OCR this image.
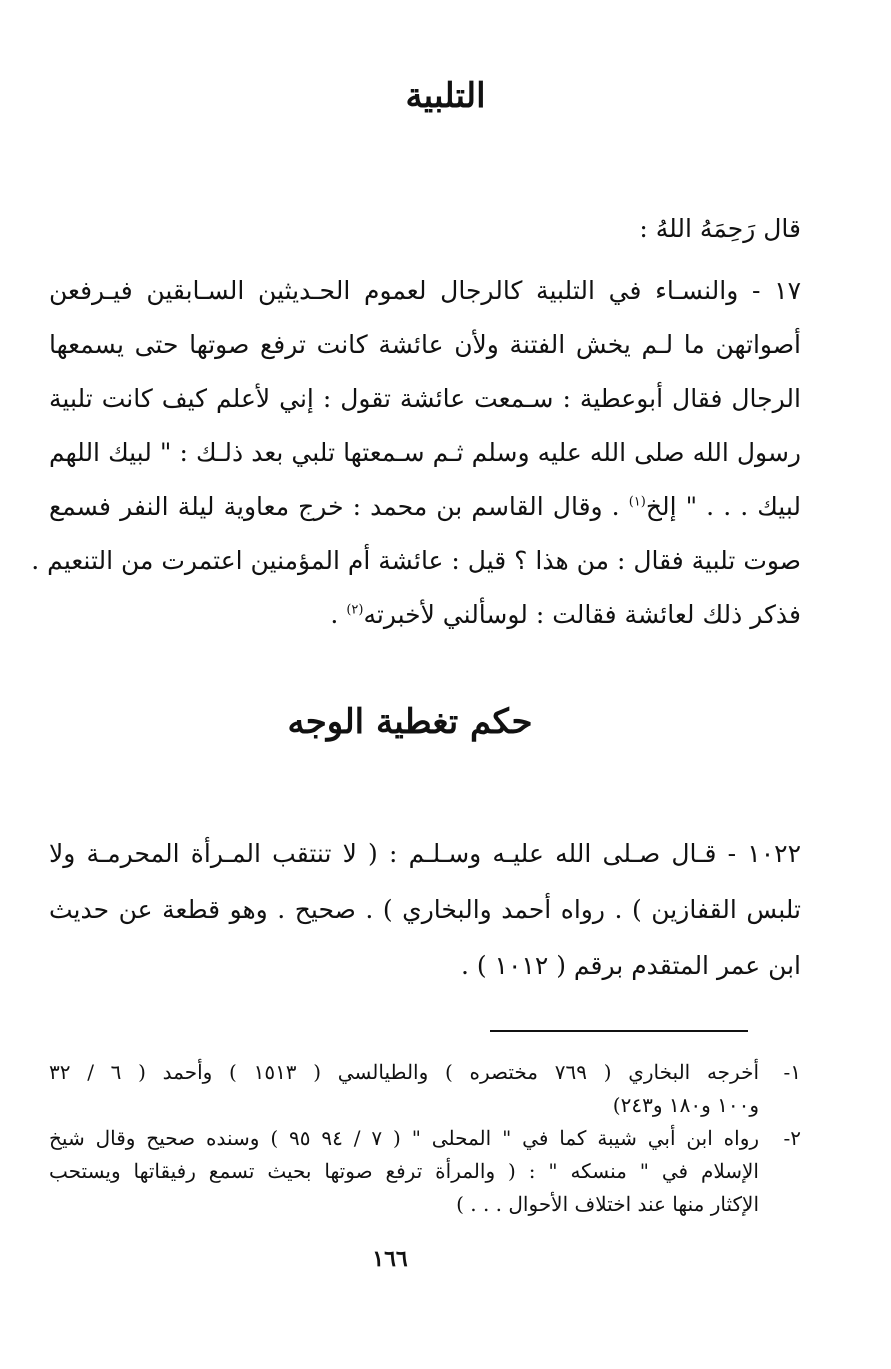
التلبية
قال رَحِمَهُ اللهُ :
١٧ - والنسـاء في التلبية كالرجال لعموم الحـديثين السـابقين فيـرفعن
أصواتهن ما لـم يخش الفتنة ولأن عائشة كانت ترفع صوتها حتى يسمعها
الرجال فقال أبوعطية : سـمعت عائشة تقول : إني لأعلم كيف كانت تلبية
رسول الله صلى الله عليه وسلم ثـم سـمعتها تلبي بعد ذلـك : " لبيك اللهم
لبيك . . . " إلخ$^{(١)}$ . وقال القاسم بن محمد : خرج معاوية ليلة النفر فسمع
صوت تلبية فقال : من هذا ؟ قيل : عائشة أم المؤمنين اعتمرت من التنعيم .
فذكر ذلك لعائشة فقالت : لوسألني لأخبرته$^{(٢)}$ .
حكم تغطية الوجه
١٠٢٢ - قـال صـلى الله عليـه وسـلـم : ( لا تنتقب المـرأة المحرمـة ولا
تلبس القفازين ) . رواه أحمد والبخاري ) . صحيح . وهو قطعة عن حديث
ابن عمر المتقدم برقم ( ١٠١٢ ) .
١-
أخرجه البخاري ( ٧٦٩ مختصره ) والطيالسي ( ١٥١٣ ) وأحمد ( ٦ / ٣٢
و١٠٠ و١٨٠ و٢٤٣)
٢-
رواه ابن أبي شيبة كما في " المحلى " ( ٧ / ٩٤ ٩٥ ) وسنده صحيح وقال شيخ
الإسلام في " منسكه " : ( والمرأة ترفع صوتها بحيث تسمع رفيقاتها ويستحب
الإكثار منها عند اختلاف الأحوال . . . )
١٦٦
